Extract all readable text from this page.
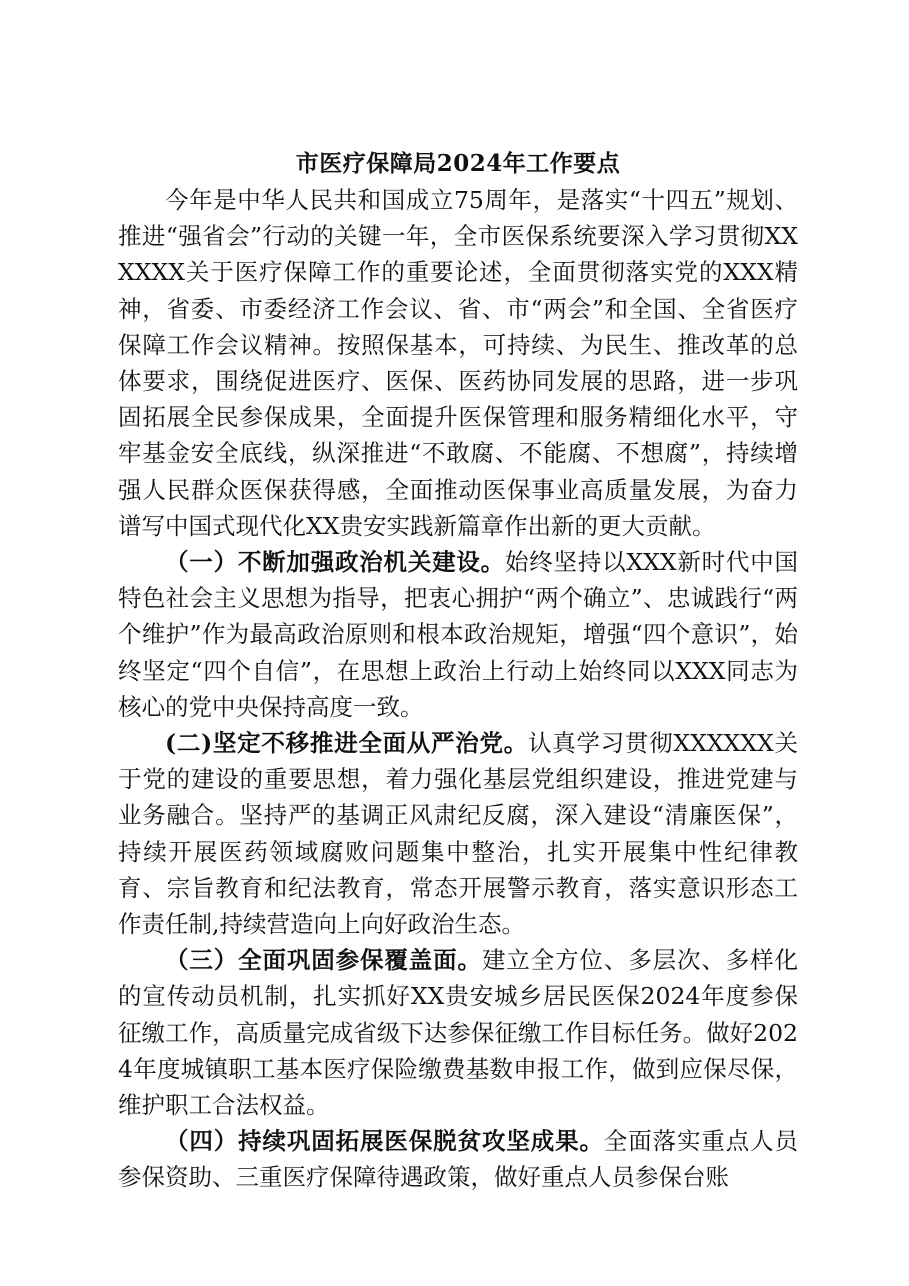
市医疗保障局2024年工作要点

今年是中华人民共和国成立75周年，是落实“十四五”规划、推进“强省会”行动的关键一年，全市医保系统要深入学习贯彻XXXXXX关于医疗保障工作的重要论述，全面贯彻落实党的XXX精神，省委、市委经济工作会议、省、市“两会”和全国、全省医疗保障工作会议精神。按照保基本，可持续、为民生、推改革的总体要求，围绕促进医疗、医保、医药协同发展的思路，进一步巩固拓展全民参保成果，全面提升医保管理和服务精细化水平，守牢基金安全底线，纵深推进“不敢腐、不能腐、不想腐”，持续增强人民群众医保获得感，全面推动医保事业高质量发展，为奋力谱写中国式现代化XX贵安实践新篇章作出新的更大贡献。

（一）不断加强政治机关建设。始终坚持以XXX新时代中国特色社会主义思想为指导，把衷心拥护“两个确立”、忠诚践行“两个维护”作为最高政治原则和根本政治规矩，增强“四个意识”，始终坚定“四个自信”，在思想上政治上行动上始终同以XXX同志为核心的党中央保持高度一致。

(二)坚定不移推进全面从严治党。认真学习贯彻XXXXXX关于党的建设的重要思想，着力强化基层党组织建设，推进党建与业务融合。坚持严的基调正风肃纪反腐，深入建设“清廉医保”，持续开展医药领域腐败问题集中整治，扎实开展集中性纪律教育、宗旨教育和纪法教育，常态开展警示教育，落实意识形态工作责任制,持续营造向上向好政治生态。

（三）全面巩固参保覆盖面。建立全方位、多层次、多样化的宣传动员机制，扎实抓好XX贵安城乡居民医保2024年度参保征缴工作，高质量完成省级下达参保征缴工作目标任务。做好2024年度城镇职工基本医疗保险缴费基数申报工作，做到应保尽保，维护职工合法权益。

（四）持续巩固拓展医保脱贫攻坚成果。全面落实重点人员参保资助、三重医疗保障待遇政策，做好重点人员参保台账
